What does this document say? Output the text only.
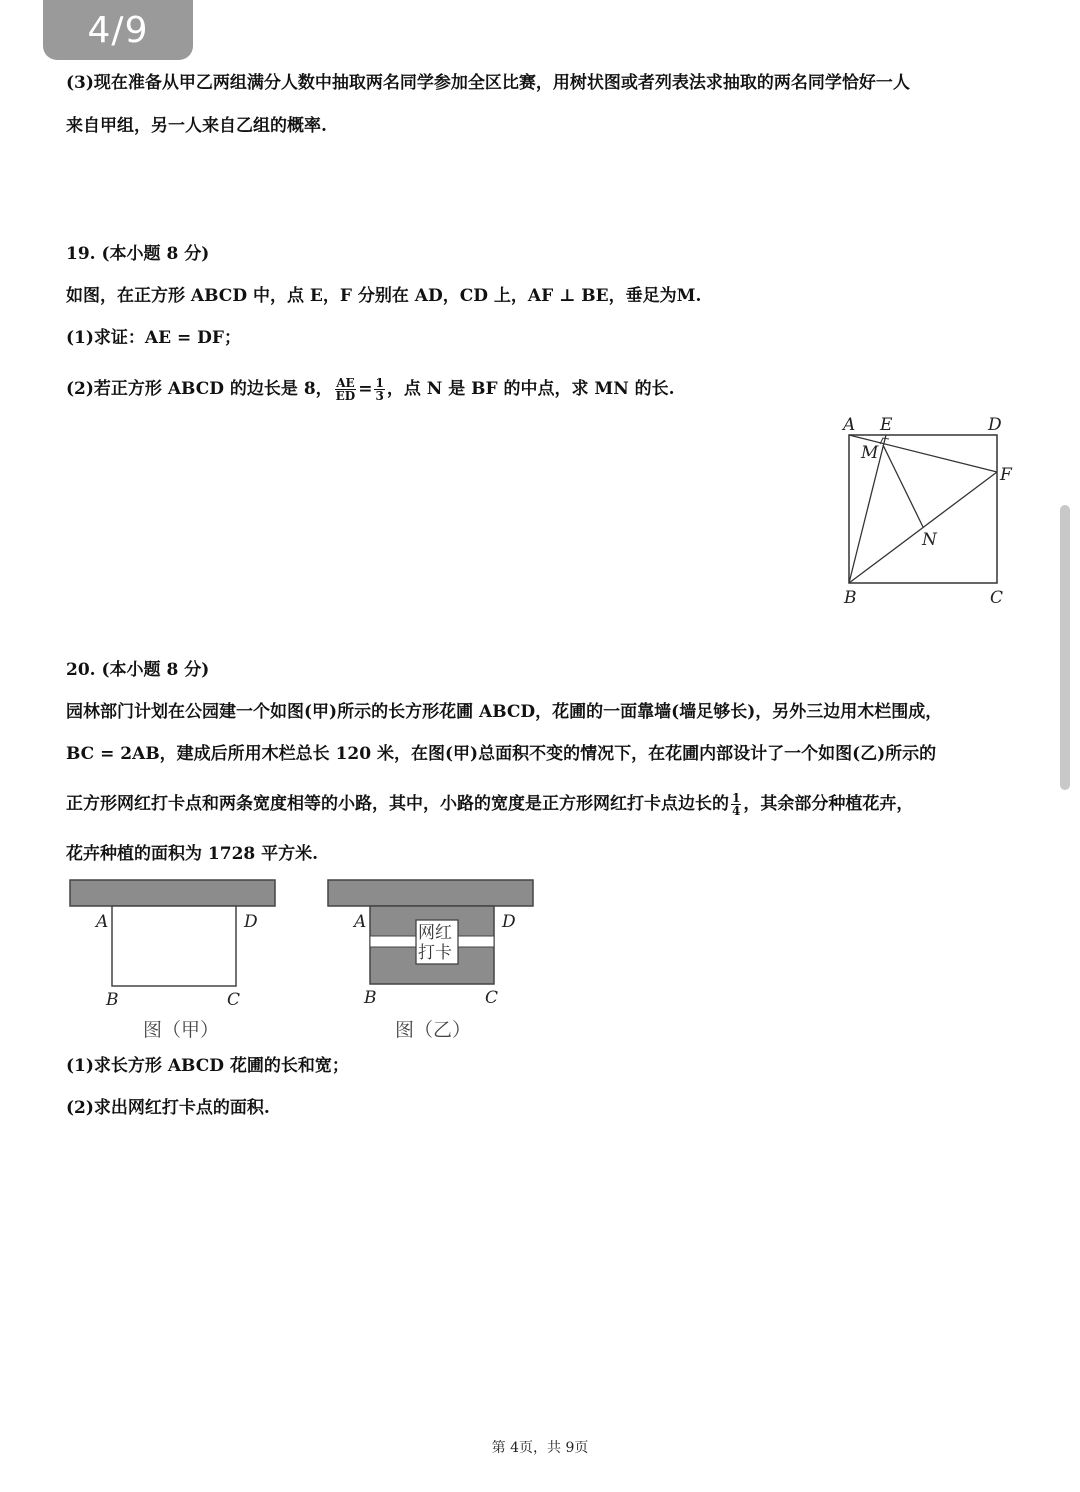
4/9
(3)现在准备从甲乙两组满分人数中抽取两名同学参加全区比赛，用树状图或者列表法求抽取的两名同学恰好一人
来自甲组，另一人来自乙组的概率.
19. (本小题 8 分)
如图，在正方形 ABCD 中，点 E，F 分别在 AD，CD 上，AF ⊥ BE，垂足为M.
(1)求证：AE = DF；
(2)若正方形 ABCD 的边长是 8， $\frac{AE}{ED} = \frac{1}{3}$ ，点 N 是 BF 的中点，求 MN 的长.
A E	D
M
F
N
B	C
20. (本小题 8 分)
园林部门计划在公园建一个如图(甲)所示的长方形花圃 ABCD，花圃的一面靠墙(墙足够长)，另外三边用木栏围成，
BC = 2AB，建成后所用木栏总长 120 米，在图(甲)总面积不变的情况下，在花圃内部设计了一个如图(乙)所示的
正方形网红打卡点和两条宽度相等的小路，其中，小路的宽度是正方形网红打卡点边长的 $\frac{1}{4}$ ，其余部分种植花卉，
花卉种植的面积为 1728 平方米.
A	D
B	C
图（甲）
网红
打卡
A	D
B	C
图（乙）
(1)求长方形 ABCD 花圃的长和宽；
(2)求出网红打卡点的面积.
第 4页，共 9页
